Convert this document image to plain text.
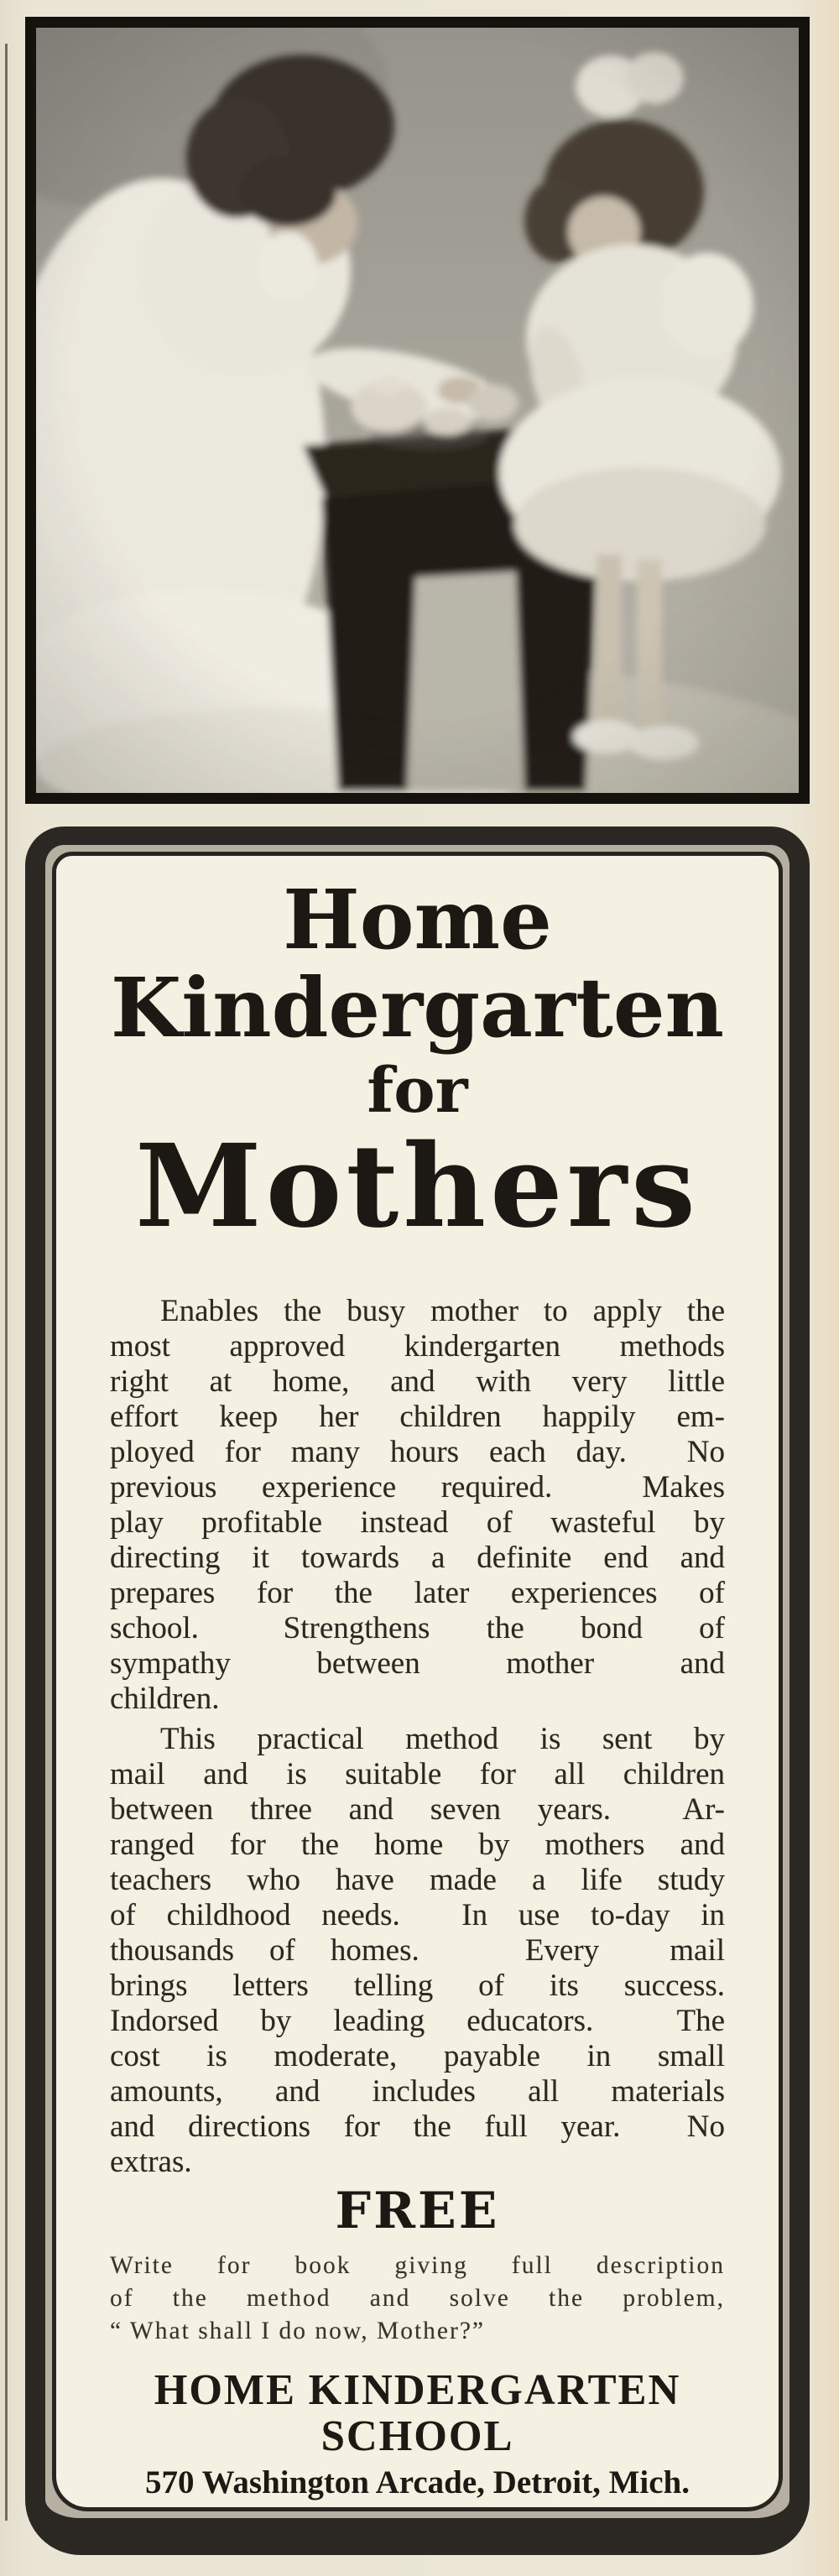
Home
Kindergarten
for
Mothers
Enables the busy mother to apply the
most approved kindergarten methods
right at home, and with very little
effort keep her children happily em-
ployed for many hours each day.  No
previous experience required.  Makes
play profitable instead of wasteful by
directing it towards a definite end and
prepares for the later experiences of
school.   Strengthens  the  bond  of
sympathy  between  mother  and
children.
This practical method is sent by
mail and is suitable for all children
between three and seven years.  Ar-
ranged for the home by mothers and
teachers who have made a life study
of childhood needs.  In use to-day in
thousands of homes.   Every  mail
brings letters telling of its success.
Indorsed by leading educators.  The
cost is moderate, payable in small
amounts, and includes all materials
and directions for the full year.  No
extras.
FREE
Write for book giving full description
of the method and solve the problem,
“ What shall I do now, Mother?”
HOME KINDERGARTEN SCHOOL
570 Washington Arcade, Detroit, Mich.
